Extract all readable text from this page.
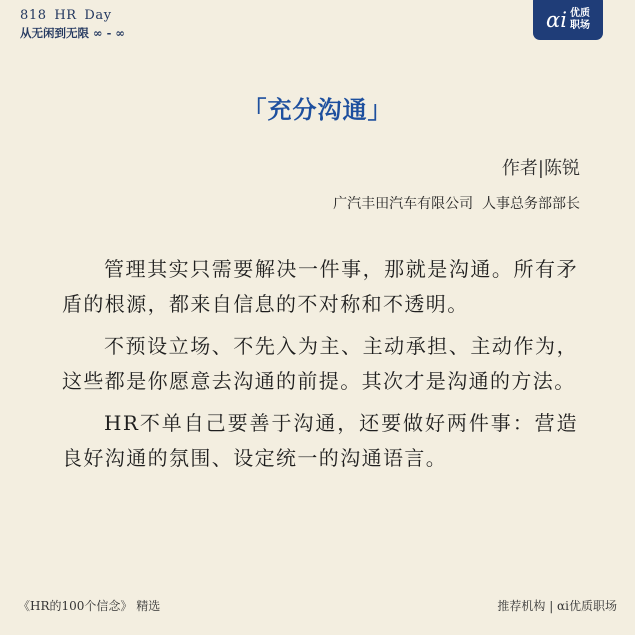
818 HR Day
从无闲到无限 ∞ - ∞
αi 优质
职场
「充分沟通」
作者|陈锐
广汽丰田汽车有限公司  人事总务部部长

管理其实只需要解决一件事，那就是沟通。所有矛盾的根源，都来自信息的不对称和不透明。

不预设立场、不先入为主、主动承担、主动作为，这些都是你愿意去沟通的前提。其次才是沟通的方法。

HR不单自己要善于沟通，还要做好两件事：营造良好沟通的氛围、设定统一的沟通语言。

《HR的100个信念》 精选	推荐机构 | αi优质职场
